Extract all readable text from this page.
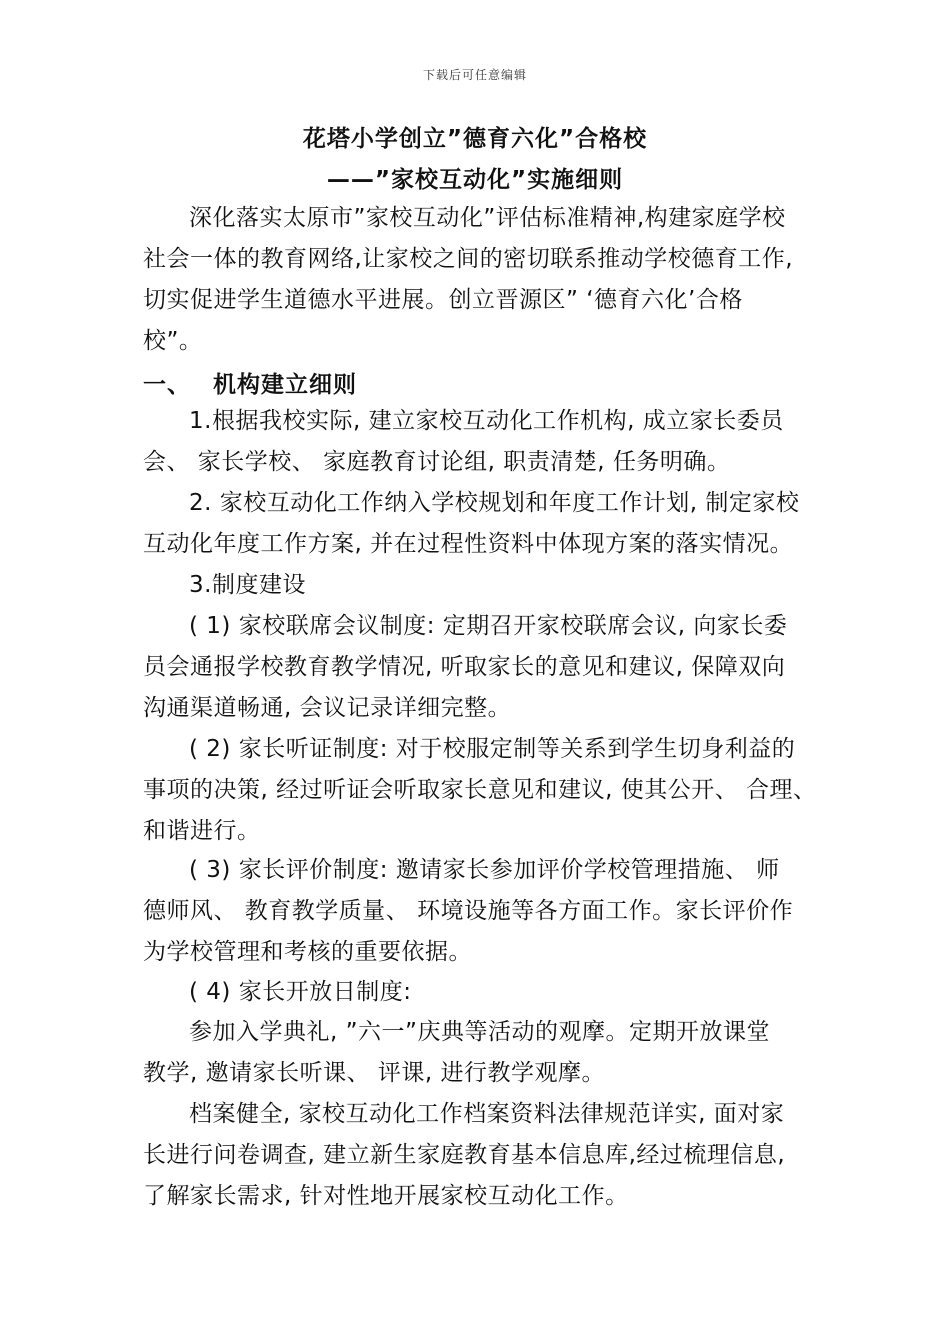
下载后可任意编辑
花塔小学创立”德育六化”合格校
——”家校互动化”实施细则
深化落实太原市”家校互动化”评估标准精神,构建家庭学校
社会一体的教育网络,让家校之间的密切联系推动学校德育工作,
切实促进学生道德水平进展。创立晋源区” ‘德育六化’合格
校”。
一、 机构建立细则
1.根据我校实际, 建立家校互动化工作机构, 成立家长委员
会、 家长学校、 家庭教育讨论组, 职责清楚, 任务明确。
2. 家校互动化工作纳入学校规划和年度工作计划, 制定家校
互动化年度工作方案, 并在过程性资料中体现方案的落实情况。
3.制度建设
( 1) 家校联席会议制度: 定期召开家校联席会议, 向家长委
员会通报学校教育教学情况, 听取家长的意见和建议, 保障双向
沟通渠道畅通, 会议记录详细完整。
( 2) 家长听证制度: 对于校服定制等关系到学生切身利益的
事项的决策, 经过听证会听取家长意见和建议, 使其公开、 合理、
和谐进行。
( 3) 家长评价制度: 邀请家长参加评价学校管理措施、 师
德师风、 教育教学质量、 环境设施等各方面工作。家长评价作
为学校管理和考核的重要依据。
( 4) 家长开放日制度:
参加入学典礼, ”六一”庆典等活动的观摩。定期开放课堂
教学, 邀请家长听课、 评课, 进行教学观摩。
档案健全, 家校互动化工作档案资料法律规范详实, 面对家
长进行问卷调查, 建立新生家庭教育基本信息库,经过梳理信息,
了解家长需求, 针对性地开展家校互动化工作。
